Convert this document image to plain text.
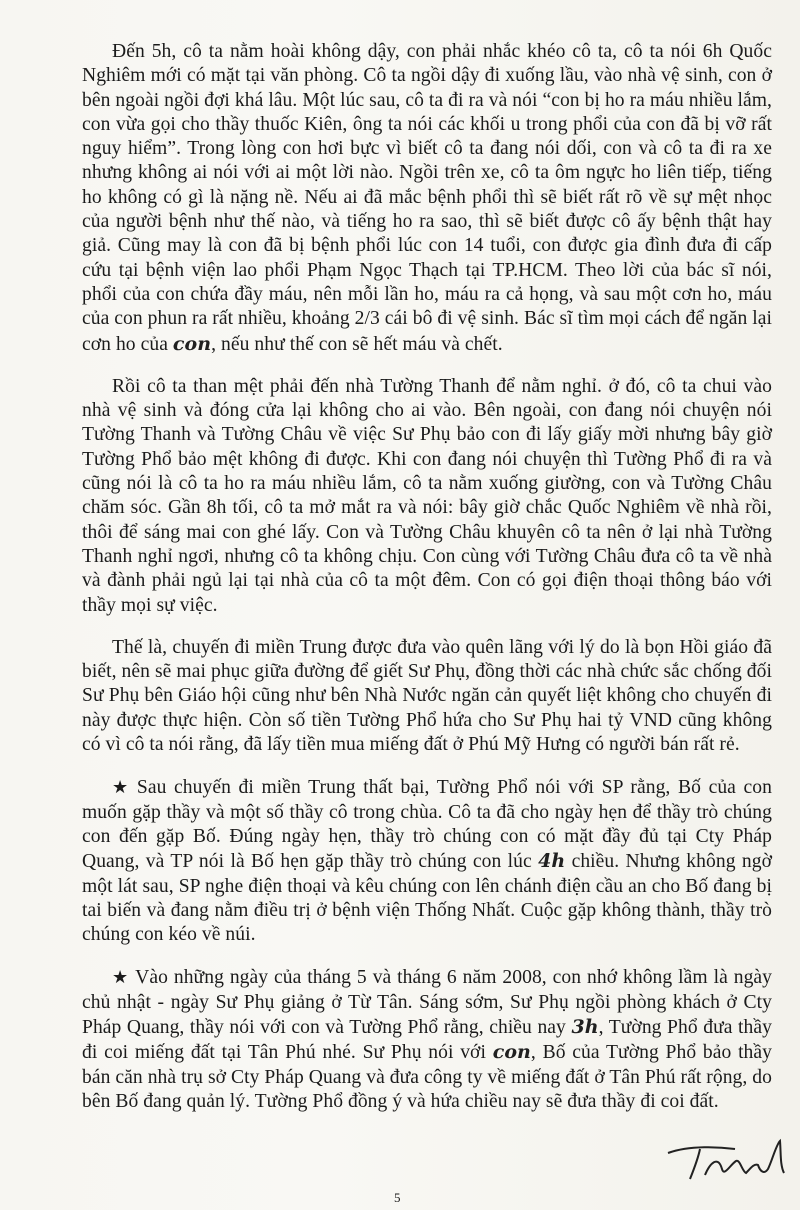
Đến 5h, cô ta nằm hoài không dậy, con phải nhắc khéo cô ta, cô ta nói 6h Quốc Nghiêm mới có mặt tại văn phòng. Cô ta ngồi dậy đi xuống lầu, vào nhà vệ sinh, con ở bên ngoài ngồi đợi khá lâu. Một lúc sau, cô ta đi ra và nói “con bị ho ra máu nhiều lắm, con vừa gọi cho thầy thuốc Kiên, ông ta nói các khối u trong phổi của con đã bị vỡ rất nguy hiểm”. Trong lòng con hơi bực vì biết cô ta đang nói dối, con và cô ta đi ra xe nhưng không ai nói với ai một lời nào. Ngồi trên xe, cô ta ôm ngực ho liên tiếp, tiếng ho không có gì là nặng nề. Nếu ai đã mắc bệnh phổi thì sẽ biết rất rõ về sự mệt nhọc của người bệnh như thế nào, và tiếng ho ra sao, thì sẽ biết được cô ấy bệnh thật hay giả. Cũng may là con đã bị bệnh phổi lúc con 14 tuổi, con được gia đình đưa đi cấp cứu tại bệnh viện lao phổi Phạm Ngọc Thạch tại TP.HCM. Theo lời của bác sĩ nói, phổi của con chứa đầy máu, nên mỗi lần ho, máu ra cả họng, và sau một cơn ho, máu của con phun ra rất nhiều, khoảng 2/3 cái bô đi vệ sinh. Bác sĩ tìm mọi cách để ngăn lại cơn ho của con, nếu như thế con sẽ hết máu và chết.

Rồi cô ta than mệt phải đến nhà Tường Thanh để nằm nghỉ. ở đó, cô ta chui vào nhà vệ sinh và đóng cửa lại không cho ai vào. Bên ngoài, con đang nói chuyện nói Tường Thanh và Tường Châu về việc Sư Phụ bảo con đi lấy giấy mời nhưng bây giờ Tường Phổ bảo mệt không đi được. Khi con đang nói chuyện thì Tường Phổ đi ra và cũng nói là cô ta ho ra máu nhiều lắm, cô ta nằm xuống giường, con và Tường Châu chăm sóc. Gần 8h tối, cô ta mở mắt ra và nói: bây giờ chắc Quốc Nghiêm về nhà rồi, thôi để sáng mai con ghé lấy. Con và Tường Châu khuyên cô ta nên ở lại nhà Tường Thanh nghỉ ngơi, nhưng cô ta không chịu. Con cùng với Tường Châu đưa cô ta về nhà và đành phải ngủ lại tại nhà của cô ta một đêm. Con có gọi điện thoại thông báo với thầy mọi sự việc.

Thế là, chuyến đi miền Trung được đưa vào quên lãng với lý do là bọn Hồi giáo đã biết, nên sẽ mai phục giữa đường để giết Sư Phụ, đồng thời các nhà chức sắc chống đối Sư Phụ bên Giáo hội cũng như bên Nhà Nước ngăn cản quyết liệt không cho chuyến đi này được thực hiện. Còn số tiền Tường Phổ hứa cho Sư Phụ hai tỷ VND cũng không có vì cô ta nói rằng, đã lấy tiền mua miếng đất ở Phú Mỹ Hưng có người bán rất rẻ.

★ Sau chuyến đi miền Trung thất bại, Tường Phổ nói với SP rằng, Bố của con muốn gặp thầy và một số thầy cô trong chùa. Cô ta đã cho ngày hẹn để thầy trò chúng con đến gặp Bố. Đúng ngày hẹn, thầy trò chúng con có mặt đầy đủ tại Cty Pháp Quang, và TP nói là Bố hẹn gặp thầy trò chúng con lúc 4h chiều. Nhưng không ngờ một lát sau, SP nghe điện thoại và kêu chúng con lên chánh điện cầu an cho Bố đang bị tai biến và đang nằm điều trị ở bệnh viện Thống Nhất. Cuộc gặp không thành, thầy trò chúng con kéo về núi.

★ Vào những ngày của tháng 5 và tháng 6 năm 2008, con nhớ không lầm là ngày chủ nhật - ngày Sư Phụ giảng ở Từ Tân. Sáng sớm, Sư Phụ ngồi phòng khách ở Cty Pháp Quang, thầy nói với con và Tường Phổ rằng, chiều nay 3h, Tường Phổ đưa thầy đi coi miếng đất tại Tân Phú nhé. Sư Phụ nói với con, Bố của Tường Phổ bảo thầy bán căn nhà trụ sở Cty Pháp Quang và đưa công ty về miếng đất ở Tân Phú rất rộng, do bên Bố đang quản lý. Tường Phổ đồng ý và hứa chiều nay sẽ đưa thầy đi coi đất.

5
